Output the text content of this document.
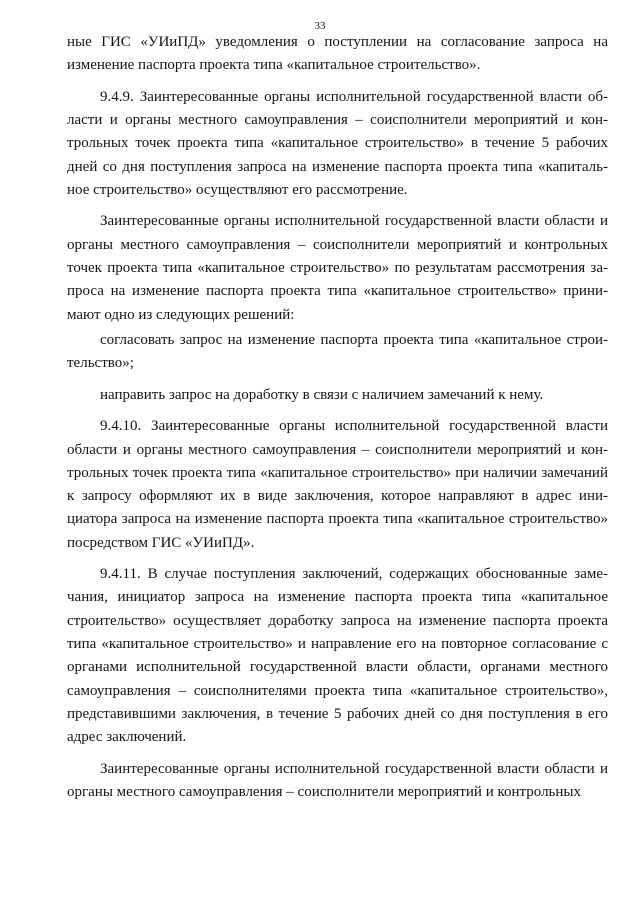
33

ные ГИС «УИиПД» уведомления о поступлении на согласование запроса на изменение паспорта проекта типа «капитальное строительство».

9.4.9. Заинтересованные органы исполнительной государственной власти области и органы местного самоуправления – соисполнители мероприятий и контрольных точек проекта типа «капитальное строительство» в течение 5 рабочих дней со дня поступления запроса на изменение паспорта проекта типа «капитальное строительство» осуществляют его рассмотрение.

Заинтересованные органы исполнительной государственной власти области и органы местного самоуправления – соисполнители мероприятий и контрольных точек проекта типа «капитальное строительство» по результатам рассмотрения запроса на изменение паспорта проекта типа «капитальное строительство» принимают одно из следующих решений:

согласовать запрос на изменение паспорта проекта типа «капитальное строительство»;

направить запрос на доработку в связи с наличием замечаний к нему.

9.4.10. Заинтересованные органы исполнительной государственной власти области и органы местного самоуправления – соисполнители мероприятий и контрольных точек проекта типа «капитальное строительство» при наличии замечаний к запросу оформляют их в виде заключения, которое направляют в адрес инициатора запроса на изменение паспорта проекта типа «капитальное строительство» посредством ГИС «УИиПД».

9.4.11. В случае поступления заключений, содержащих обоснованные замечания, инициатор запроса на изменение паспорта проекта типа «капитальное строительство» осуществляет доработку запроса на изменение паспорта проекта типа «капитальное строительство» и направление его на повторное согласование с органами исполнительной государственной власти области, органами местного самоуправления – соисполнителями проекта типа «капитальное строительство», представившими заключения, в течение 5 рабочих дней со дня поступления в его адрес заключений.

Заинтересованные органы исполнительной государственной власти области и органы местного самоуправления – соисполнители мероприятий и контрольных
